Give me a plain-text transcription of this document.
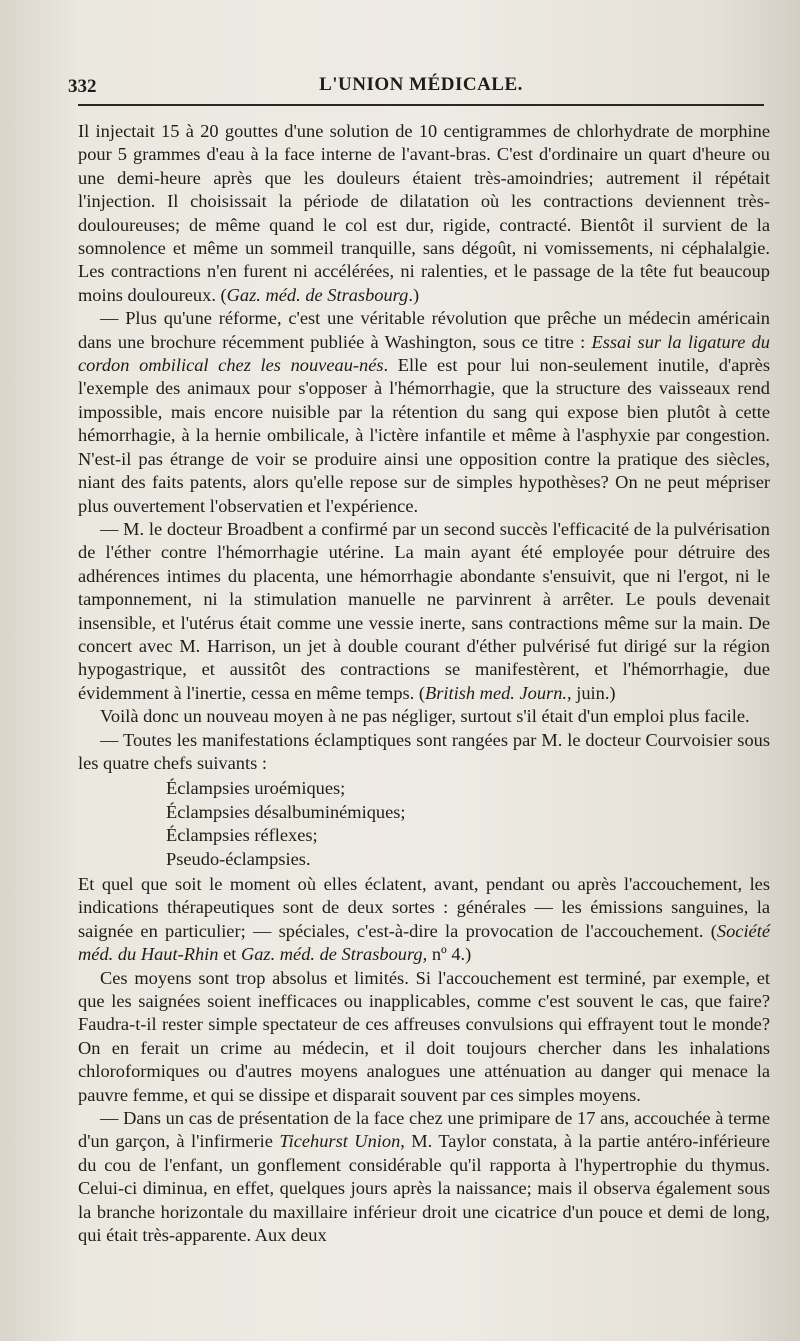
332	L'UNION MÉDICALE.

Il injectait 15 à 20 gouttes d'une solution de 10 centigrammes de chlorhydrate de morphine pour 5 grammes d'eau à la face interne de l'avant-bras. C'est d'ordinaire un quart d'heure ou une demi-heure après que les douleurs étaient très-amoindries; autrement il répétait l'injection. Il choisissait la période de dilatation où les contractions deviennent très-douloureuses; de même quand le col est dur, rigide, contracté. Bientôt il survient de la somnolence et même un sommeil tranquille, sans dégoût, ni vomissements, ni céphalalgie. Les contractions n'en furent ni accélérées, ni ralenties, et le passage de la tête fut beaucoup moins douloureux. (Gaz. méd. de Strasbourg.)

— Plus qu'une réforme, c'est une véritable révolution que prêche un médecin américain dans une brochure récemment publiée à Washington, sous ce titre : Essai sur la ligature du cordon ombilical chez les nouveau-nés. Elle est pour lui non-seulement inutile, d'après l'exemple des animaux pour s'opposer à l'hémorrhagie, que la structure des vaisseaux rend impossible, mais encore nuisible par la rétention du sang qui expose bien plutôt à cette hémorrhagie, à la hernie ombilicale, à l'ictère infantile et même à l'asphyxie par congestion. N'est-il pas étrange de voir se produire ainsi une opposition contre la pratique des siècles, niant des faits patents, alors qu'elle repose sur de simples hypothèses? On ne peut mépriser plus ouvertement l'observatien et l'expérience.

— M. le docteur Broadbent a confirmé par un second succès l'efficacité de la pulvérisation de l'éther contre l'hémorrhagie utérine. La main ayant été employée pour détruire des adhérences intimes du placenta, une hémorrhagie abondante s'ensuivit, que ni l'ergot, ni le tamponnement, ni la stimulation manuelle ne parvinrent à arrêter. Le pouls devenait insensible, et l'utérus était comme une vessie inerte, sans contractions même sur la main. De concert avec M. Harrison, un jet à double courant d'éther pulvérisé fut dirigé sur la région hypogastrique, et aussitôt des contractions se manifestèrent, et l'hémorrhagie, due évidemment à l'inertie, cessa en même temps. (British med. Journ., juin.)

Voilà donc un nouveau moyen à ne pas négliger, surtout s'il était d'un emploi plus facile.

— Toutes les manifestations éclamptiques sont rangées par M. le docteur Courvoisier sous les quatre chefs suivants :

Éclampsies uroémiques;
Éclampsies désalbuminémiques;
Éclampsies réflexes;
Pseudo-éclampsies.

Et quel que soit le moment où elles éclatent, avant, pendant ou après l'accouchement, les indications thérapeutiques sont de deux sortes : générales — les émissions sanguines, la saignée en particulier; — spéciales, c'est-à-dire la provocation de l'accouchement. (Société méd. du Haut-Rhin et Gaz. méd. de Strasbourg, nº 4.)

Ces moyens sont trop absolus et limités. Si l'accouchement est terminé, par exemple, et que les saignées soient inefficaces ou inapplicables, comme c'est souvent le cas, que faire? Faudra-t-il rester simple spectateur de ces affreuses convulsions qui effrayent tout le monde? On en ferait un crime au médecin, et il doit toujours chercher dans les inhalations chloroformiques ou d'autres moyens analogues une atténuation au danger qui menace la pauvre femme, et qui se dissipe et disparait souvent par ces simples moyens.

— Dans un cas de présentation de la face chez une primipare de 17 ans, accouchée à terme d'un garçon, à l'infirmerie Ticehurst Union, M. Taylor constata, à la partie antéro-inférieure du cou de l'enfant, un gonflement considérable qu'il rapporta à l'hypertrophie du thymus. Celui-ci diminua, en effet, quelques jours après la naissance; mais il observa également sous la branche horizontale du maxillaire inférieur droit une cicatrice d'un pouce et demi de long, qui était très-apparente. Aux deux
